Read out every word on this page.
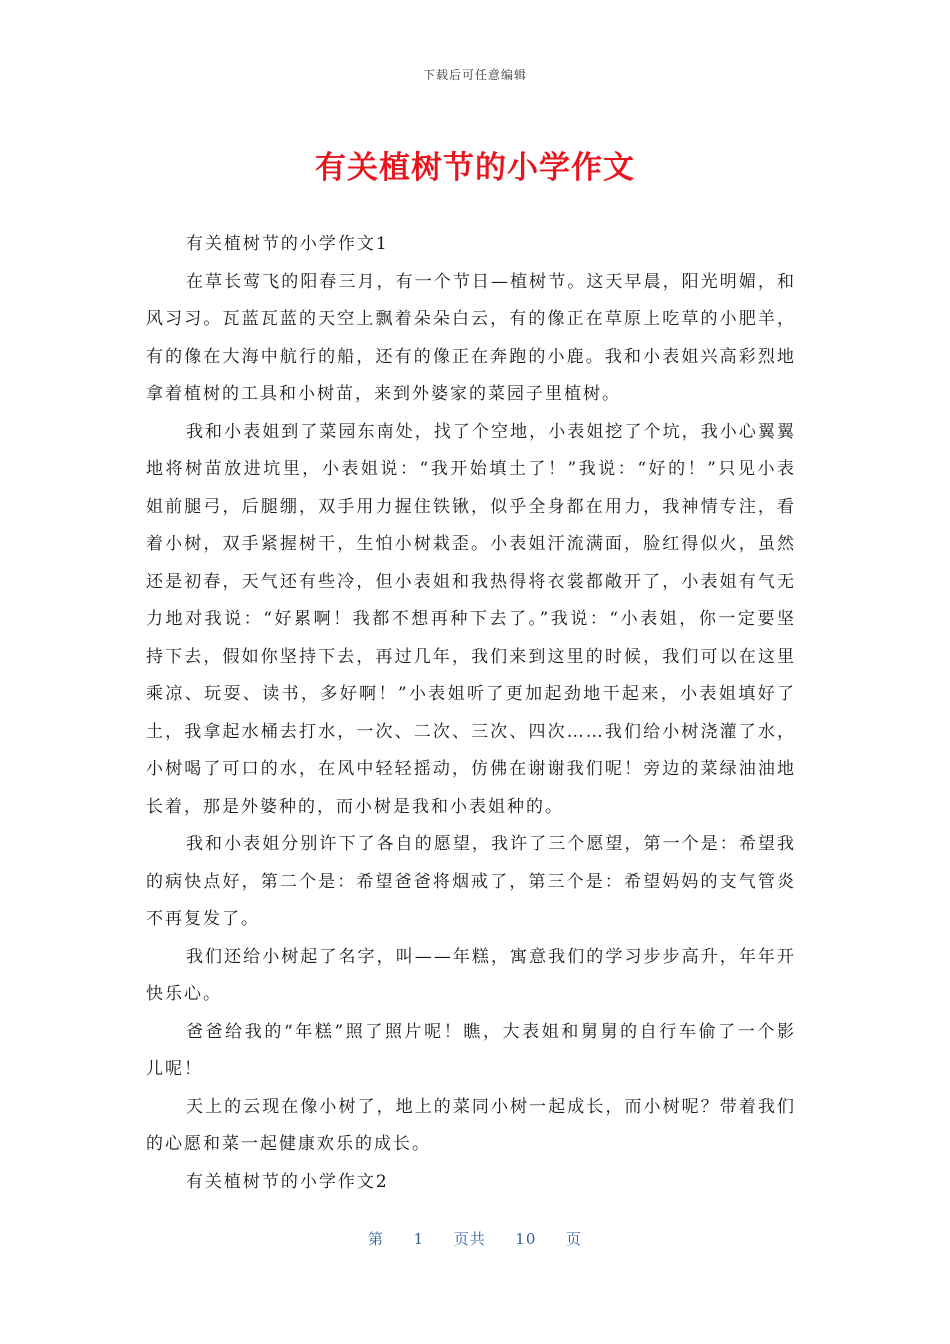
下载后可任意编辑
有关植树节的小学作文

有关植树节的小学作文1

在草长莺飞的阳春三月，有一个节日—植树节。这天早晨，阳光明媚，和风习习。瓦蓝瓦蓝的天空上飘着朵朵白云，有的像正在草原上吃草的小肥羊，有的像在大海中航行的船，还有的像正在奔跑的小鹿。我和小表姐兴高彩烈地拿着植树的工具和小树苗，来到外婆家的菜园子里植树。

我和小表姐到了菜园东南处，找了个空地，小表姐挖了个坑，我小心翼翼地将树苗放进坑里，小表姐说：“我开始填土了！”我说：“好的！”只见小表姐前腿弓，后腿绷，双手用力握住铁锹，似乎全身都在用力，我神情专注，看着小树，双手紧握树干，生怕小树栽歪。小表姐汗流满面，脸红得似火，虽然还是初春，天气还有些冷，但小表姐和我热得将衣裳都敞开了，小表姐有气无力地对我说：“好累啊！我都不想再种下去了。”我说：“小表姐，你一定要坚持下去，假如你坚持下去，再过几年，我们来到这里的时候，我们可以在这里乘凉、玩耍、读书，多好啊！”小表姐听了更加起劲地干起来，小表姐填好了土，我拿起水桶去打水，一次、二次、三次、四次……我们给小树浇灌了水，小树喝了可口的水，在风中轻轻摇动，仿佛在谢谢我们呢！旁边的菜绿油油地长着，那是外婆种的，而小树是我和小表姐种的。

我和小表姐分别许下了各自的愿望，我许了三个愿望，第一个是：希望我的病快点好，第二个是：希望爸爸将烟戒了，第三个是：希望妈妈的支气管炎不再复发了。

我们还给小树起了名字，叫——年糕，寓意我们的学习步步高升，年年开快乐心。

爸爸给我的“年糕”照了照片呢！瞧，大表姐和舅舅的自行车偷了一个影儿呢！

天上的云现在像小树了，地上的菜同小树一起成长，而小树呢？带着我们的心愿和菜一起健康欢乐的成长。

有关植树节的小学作文2

第 1 页共 10 页
